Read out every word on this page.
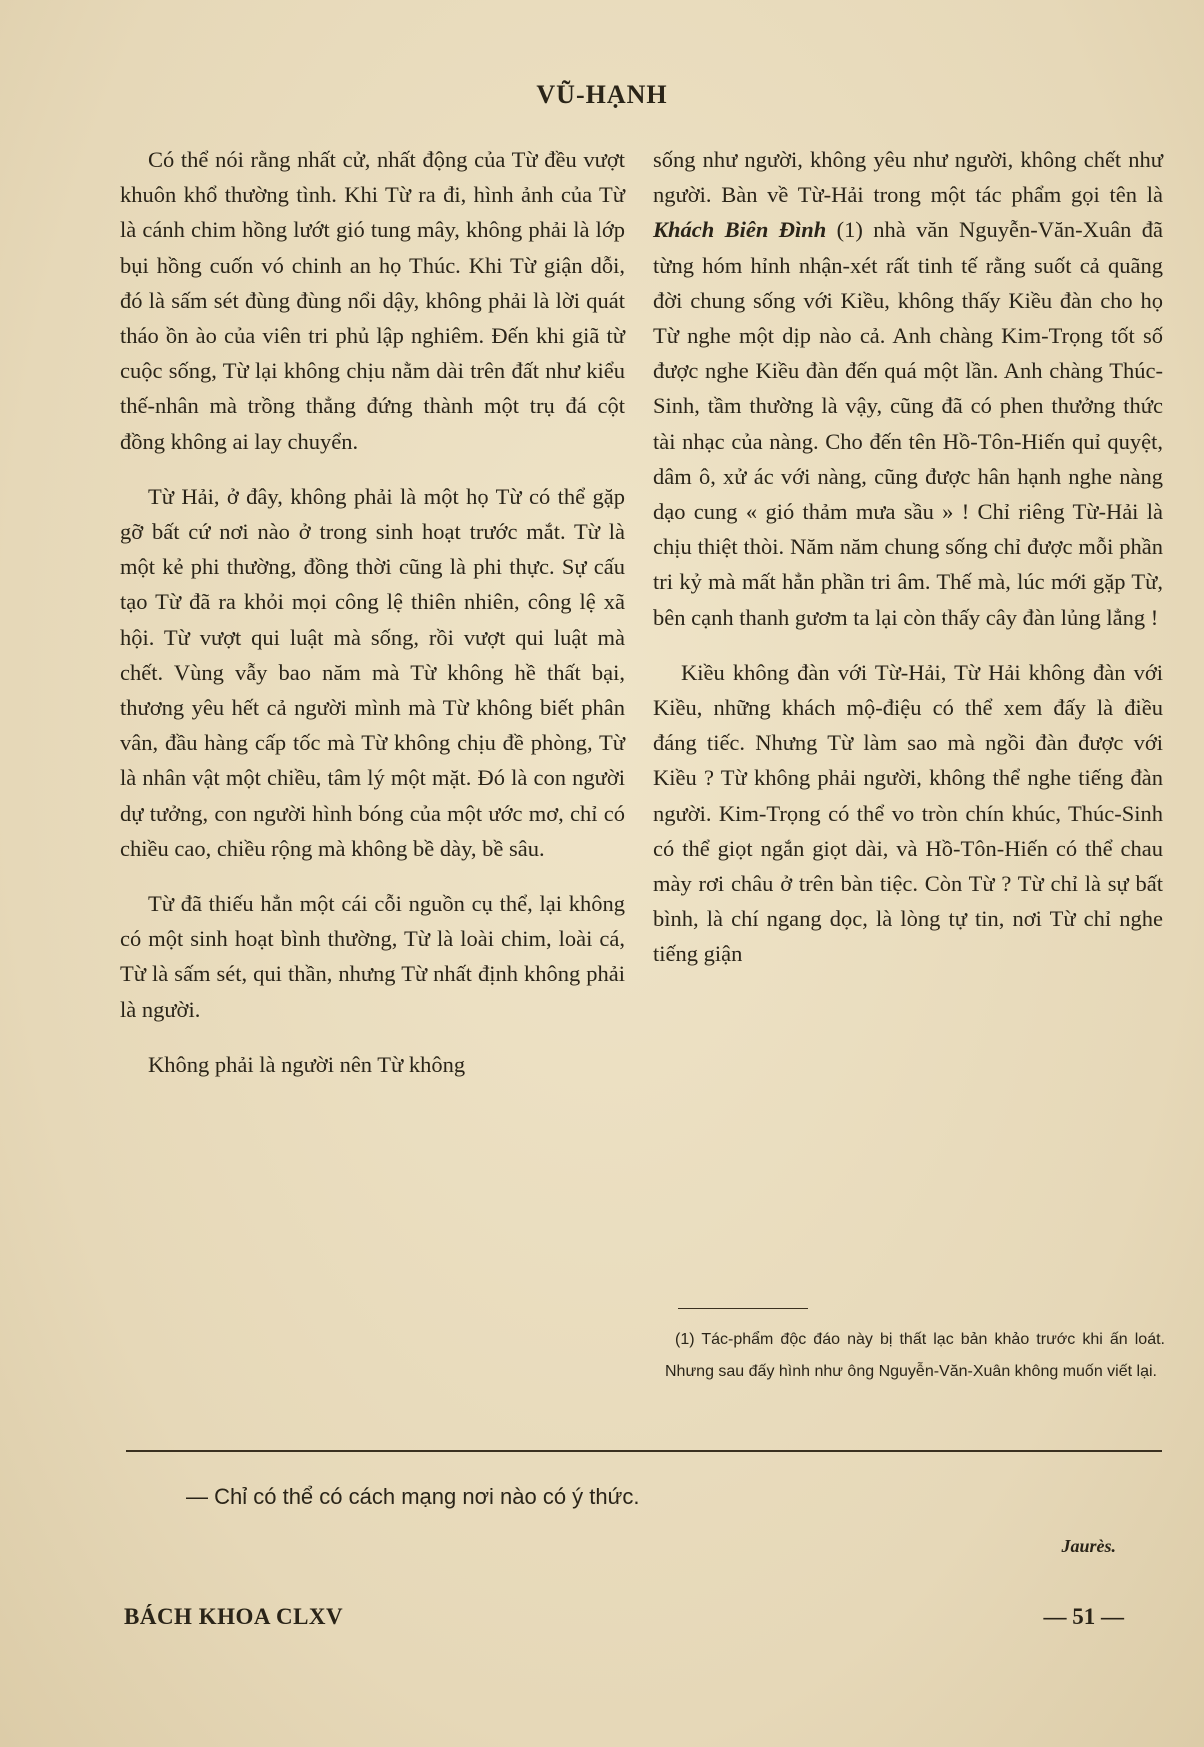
VŨ-HẠNH

Có thể nói rằng nhất cử, nhất động của Từ đều vượt khuôn khổ thường tình. Khi Từ ra đi, hình ảnh của Từ là cánh chim hồng lướt gió tung mây, không phải là lớp bụi hồng cuốn vó chinh an họ Thúc. Khi Từ giận dỗi, đó là sấm sét đùng đùng nổi dậy, không phải là lời quát tháo ồn ào của viên tri phủ lập nghiêm. Đến khi giã từ cuộc sống, Từ lại không chịu nằm dài trên đất như kiểu thế-nhân mà trồng thẳng đứng thành một trụ đá cột đồng không ai lay chuyển.

Từ Hải, ở đây, không phải là một họ Từ có thể gặp gỡ bất cứ nơi nào ở trong sinh hoạt trước mắt. Từ là một kẻ phi thường, đồng thời cũng là phi thực. Sự cấu tạo Từ đã ra khỏi mọi công lệ thiên nhiên, công lệ xã hội. Từ vượt qui luật mà sống, rồi vượt qui luật mà chết. Vùng vẫy bao năm mà Từ không hề thất bại, thương yêu hết cả người mình mà Từ không biết phân vân, đầu hàng cấp tốc mà Từ không chịu đề phòng, Từ là nhân vật một chiều, tâm lý một mặt. Đó là con người dự tưởng, con người hình bóng của một ước mơ, chỉ có chiều cao, chiều rộng mà không bề dày, bề sâu.

Từ đã thiếu hẳn một cái cỗi nguồn cụ thể, lại không có một sinh hoạt bình thường, Từ là loài chim, loài cá, Từ là sấm sét, qui thần, nhưng Từ nhất định không phải là người.

Không phải là người nên Từ không

sống như người, không yêu như người, không chết như người. Bàn về Từ-Hải trong một tác phẩm gọi tên là Khách Biên Đình (1) nhà văn Nguyễn-Văn-Xuân đã từng hóm hỉnh nhận-xét rất tinh tế rằng suốt cả quãng đời chung sống với Kiều, không thấy Kiều đàn cho họ Từ nghe một dịp nào cả. Anh chàng Kim-Trọng tốt số được nghe Kiều đàn đến quá một lần. Anh chàng Thúc-Sinh, tầm thường là vậy, cũng đã có phen thưởng thức tài nhạc của nàng. Cho đến tên Hồ-Tôn-Hiến quỉ quyệt, dâm ô, xử ác với nàng, cũng được hân hạnh nghe nàng dạo cung « gió thảm mưa sầu » ! Chỉ riêng Từ-Hải là chịu thiệt thòi. Năm năm chung sống chỉ được mỗi phần tri kỷ mà mất hẳn phần tri âm. Thế mà, lúc mới gặp Từ, bên cạnh thanh gươm ta lại còn thấy cây đàn lủng lẳng !

Kiều không đàn với Từ-Hải, Từ Hải không đàn với Kiều, những khách mộ-điệu có thể xem đấy là điều đáng tiếc. Nhưng Từ làm sao mà ngồi đàn được với Kiều ? Từ không phải người, không thể nghe tiếng đàn người. Kim-Trọng có thể vo tròn chín khúc, Thúc-Sinh có thể giọt ngắn giọt dài, và Hồ-Tôn-Hiến có thể chau mày rơi châu ở trên bàn tiệc. Còn Từ ? Từ chỉ là sự bất bình, là chí ngang dọc, là lòng tự tin, nơi Từ chỉ nghe tiếng giận

(1) Tác-phẩm độc đáo này bị thất lạc bản khảo trước khi ấn loát. Nhưng sau đấy hình như ông Nguyễn-Văn-Xuân không muốn viết lại.
— Chỉ có thể có cách mạng nơi nào có ý thức.
Jaurès.
BÁCH KHOA CLXV	— 51 —
